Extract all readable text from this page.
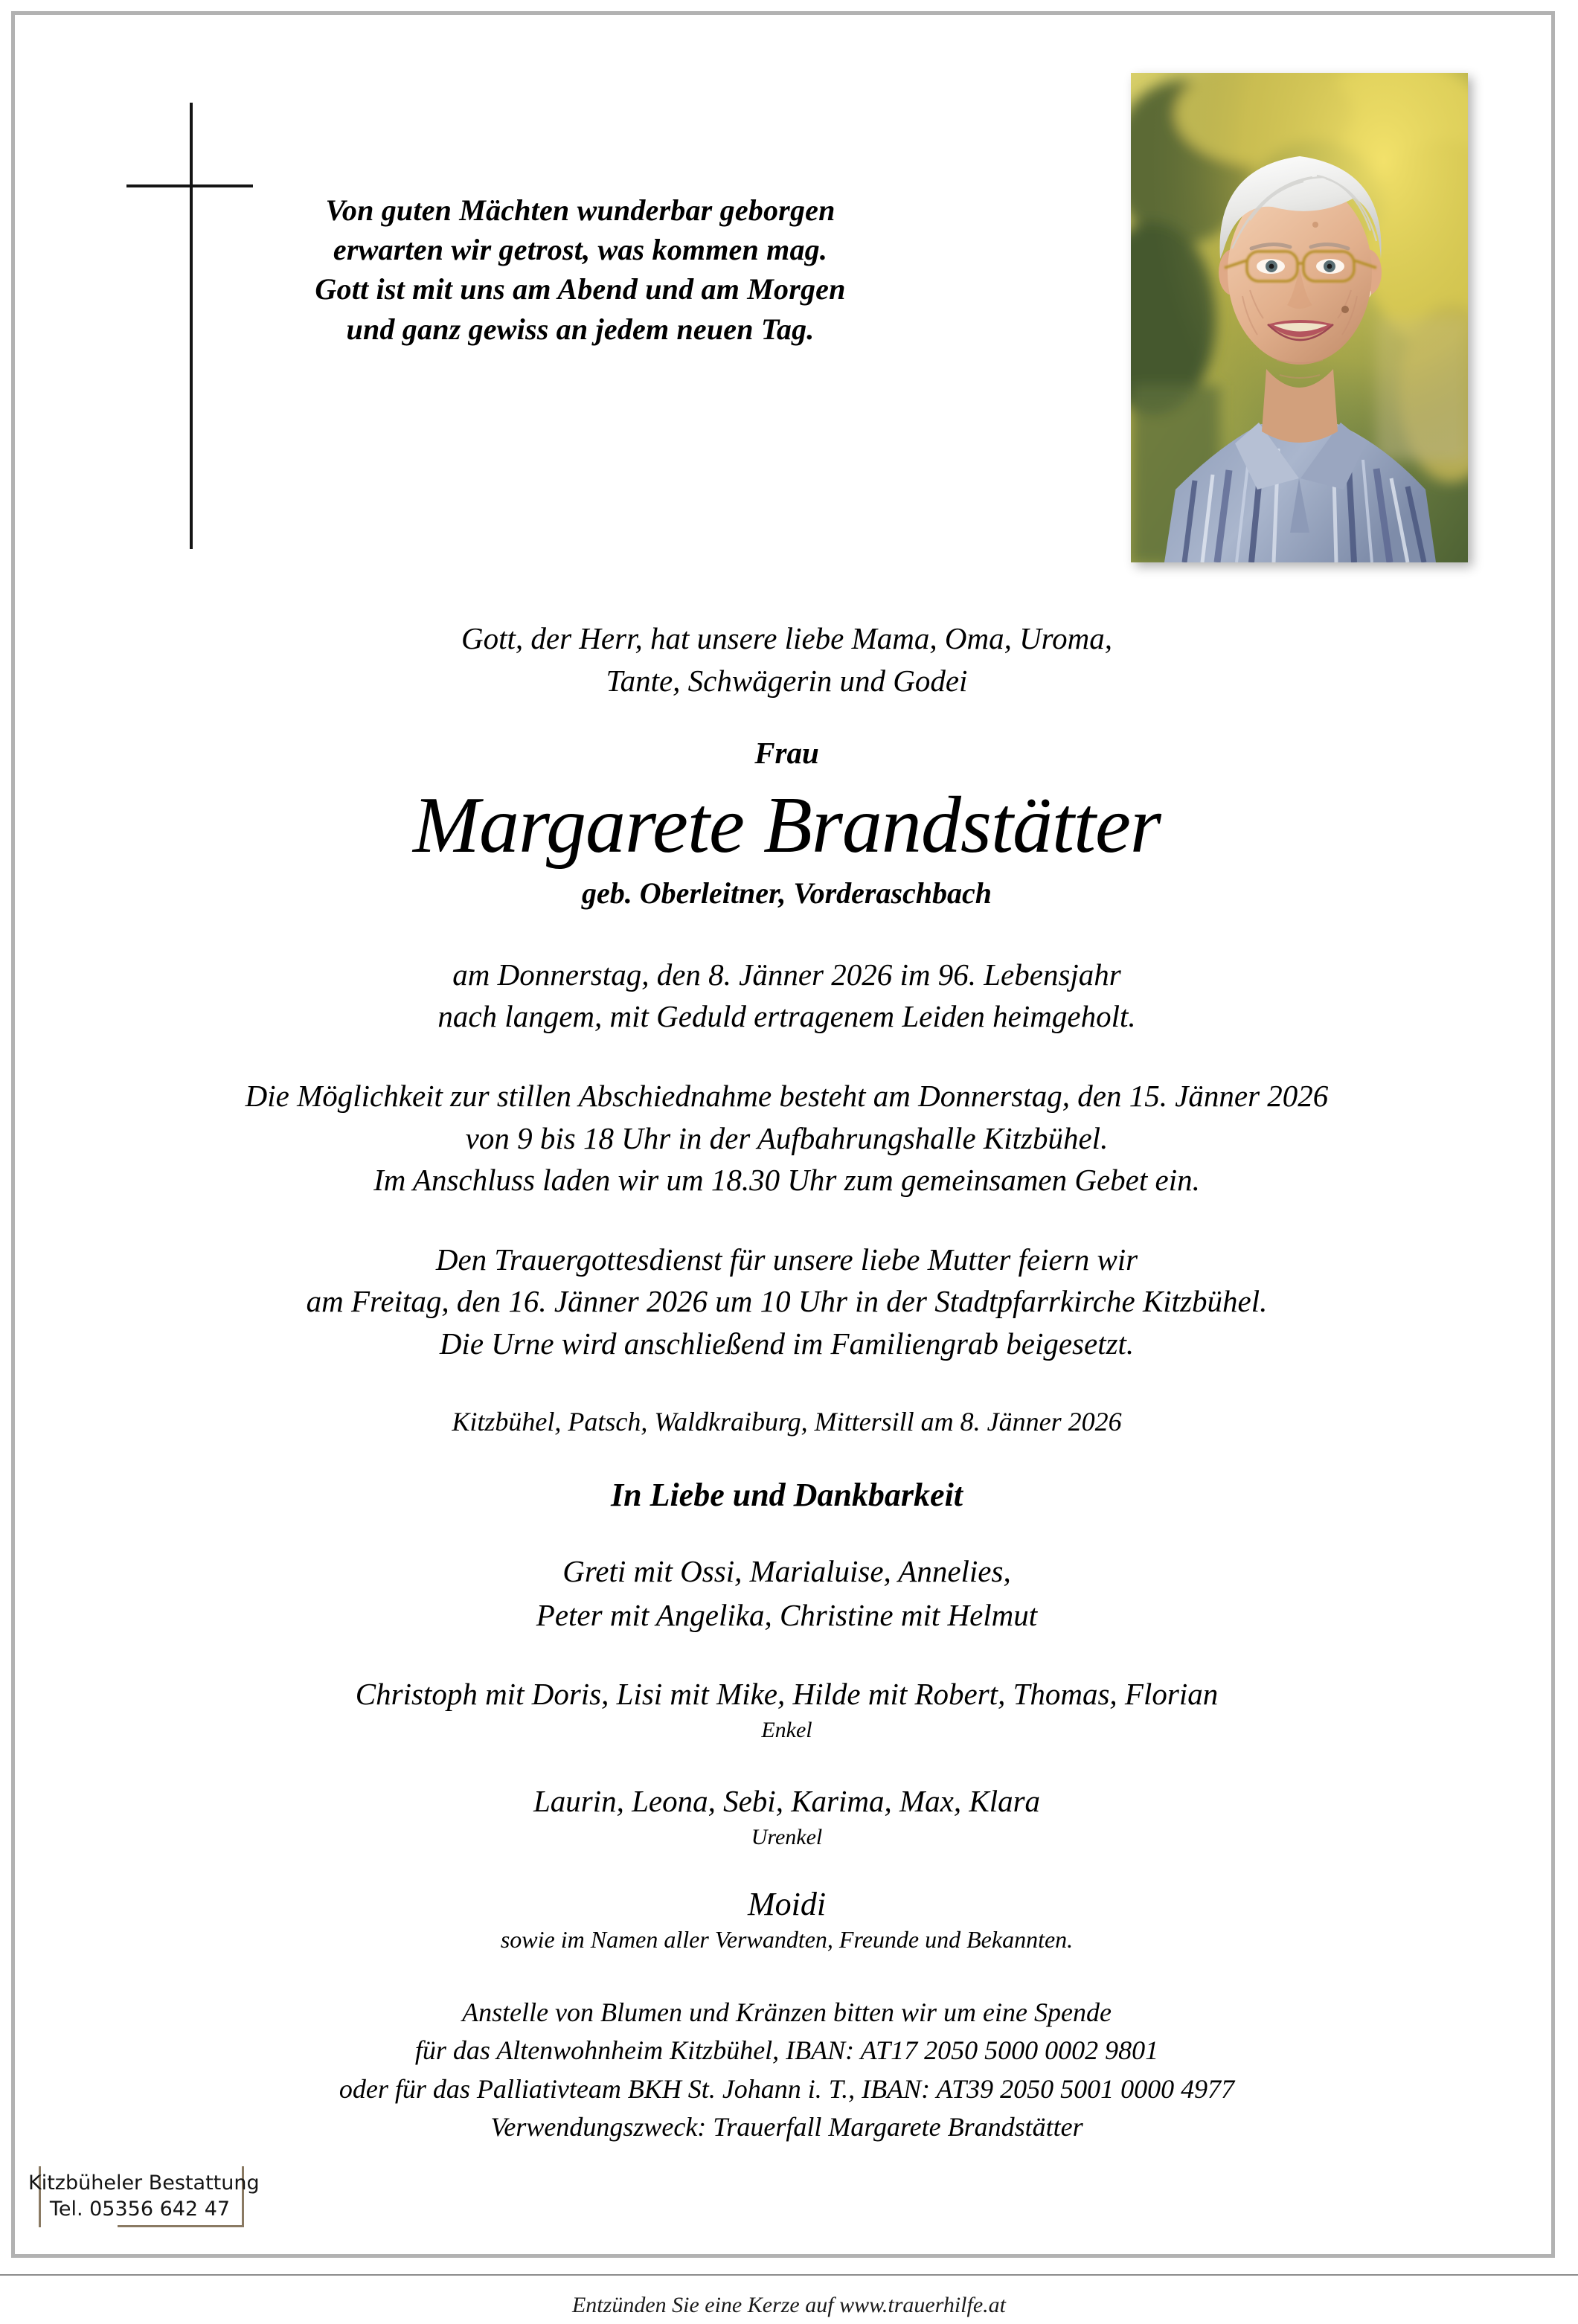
Von guten Mächten wunderbar geborgen
erwarten wir getrost, was kommen mag.
Gott ist mit uns am Abend und am Morgen
und ganz gewiss an jedem neuen Tag.
Gott, der Herr, hat unsere liebe Mama, Oma, Uroma,
Tante, Schwägerin und Godei
Frau
Margarete Brandstätter
geb. Oberleitner, Vorderaschbach
am Donnerstag, den 8. Jänner 2026 im 96. Lebensjahr
nach langem, mit Geduld ertragenem Leiden heimgeholt.
Die Möglichkeit zur stillen Abschiednahme besteht am Donnerstag, den 15. Jänner 2026
von 9 bis 18 Uhr in der Aufbahrungshalle Kitzbühel.
Im Anschluss laden wir um 18.30 Uhr zum gemeinsamen Gebet ein.
Den Trauergottesdienst für unsere liebe Mutter feiern wir
am Freitag, den 16. Jänner 2026 um 10 Uhr in der Stadtpfarrkirche Kitzbühel.
Die Urne wird anschließend im Familiengrab beigesetzt.
Kitzbühel, Patsch, Waldkraiburg, Mittersill am 8. Jänner 2026
In Liebe und Dankbarkeit
Greti mit Ossi, Marialuise, Annelies,
Peter mit Angelika, Christine mit Helmut
Christoph mit Doris, Lisi mit Mike, Hilde mit Robert, Thomas, Florian
Enkel
Laurin, Leona, Sebi, Karima, Max, Klara
Urenkel
Moidi
sowie im Namen aller Verwandten, Freunde und Bekannten.
Anstelle von Blumen und Kränzen bitten wir um eine Spende
für das Altenwohnheim Kitzbühel, IBAN: AT17 2050 5000 0002 9801
oder für das Palliativteam BKH St. Johann i. T., IBAN: AT39 2050 5001 0000 4977
Verwendungszweck: Trauerfall Margarete Brandstätter
Kitzbüheler Bestattung
Tel. 05356 642 47
Entzünden Sie eine Kerze auf www.trauerhilfe.at
